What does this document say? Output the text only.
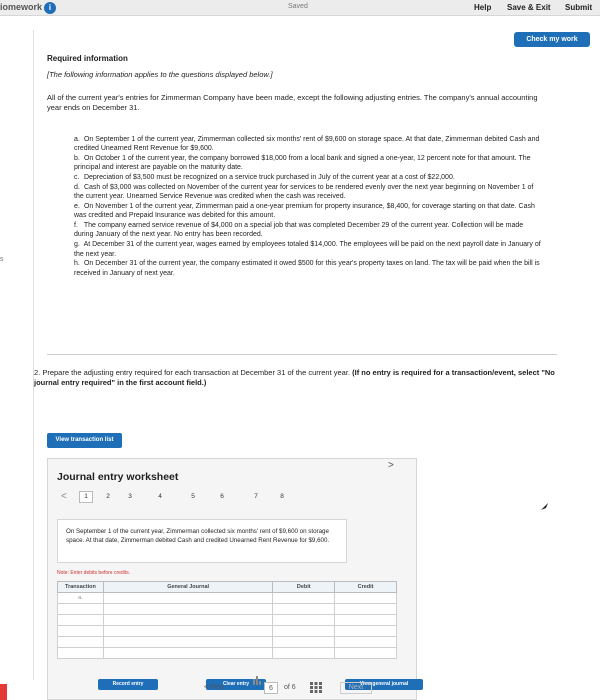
iomework i	Saved	Help Save & Exit Submit
Check my work
s
Required information
[The following information applies to the questions displayed below.]
All of the current year's entries for Zimmerman Company have been made, except the following adjusting entries. The company's annual accounting year ends on December 31.
a. On September 1 of the current year, Zimmerman collected six months' rent of $9,600 on storage space. At that date, Zimmerman debited Cash and credited Unearned Rent Revenue for $9,600.
b. On October 1 of the current year, the company borrowed $18,000 from a local bank and signed a one-year, 12 percent note for that amount. The principal and interest are payable on the maturity date.
c. Depreciation of $3,500 must be recognized on a service truck purchased in July of the current year at a cost of $22,000.
d. Cash of $3,000 was collected on November of the current year for services to be rendered evenly over the next year beginning on November 1 of the current year. Unearned Service Revenue was credited when the cash was received.
e. On November 1 of the current year, Zimmerman paid a one-year premium for property insurance, $8,400, for coverage starting on that date. Cash was credited and Prepaid Insurance was debited for this amount.
f. The company earned service revenue of $4,000 on a special job that was completed December 29 of the current year. Collection will be made during January of the next year. No entry has been recorded.
g. At December 31 of the current year, wages earned by employees totaled $14,000. The employees will be paid on the next payroll date in January of the next year.
h. On December 31 of the current year, the company estimated it owed $500 for this year's property taxes on land. The tax will be paid when the bill is received in January of next year.
2. Prepare the adjusting entry required for each transaction at December 31 of the current year. (If no entry is required for a transaction/event, select "No journal entry required" in the first account field.)
View transaction list
Journal entry worksheet
<	1	2	3	4	5	6	7	8
On September 1 of the current year, Zimmerman collected six months' rent of $9,600 on storage space. At that date, Zimmerman debited Cash and credited Unearned Rent Revenue for $9,600.
Note: Enter debits before credits.
Transaction	General Journal	Debit	Credit
a.			

Record entry	Clear entry	View general journal
>
< Prev	6	of 6	Next
